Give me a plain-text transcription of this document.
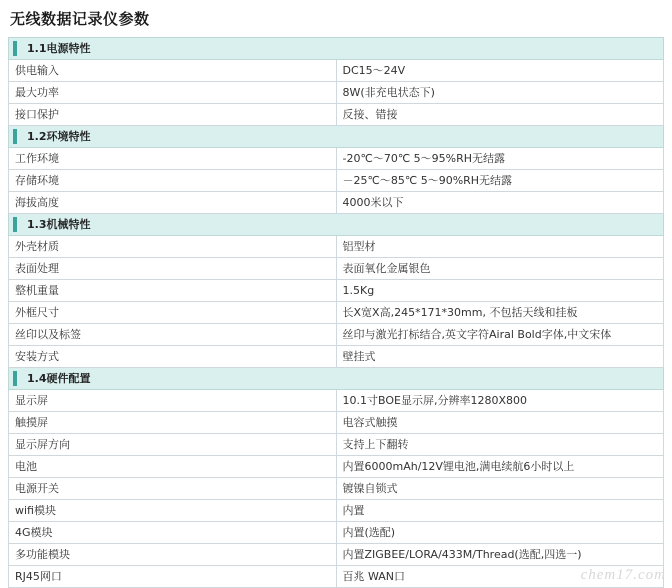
无线数据记录仪参数
1.1电源特性	
供电输入	DC15～24V
最大功率	8W(非充电状态下)
接口保护	反接、错接

1.2环境特性	
工作环境	-20℃～70℃ 5～95%RH无结露
存储环境	－25℃～85℃ 5～90%RH无结露
海拔高度	4000米以下

1.3机械特性	
外壳材质	铝型材
表面处理	表面氧化金属银色
整机重量	1.5Kg
外框尺寸	长X宽X高,245*171*30mm, 不包括天线和挂板
丝印以及标签	丝印与激光打标结合,英文字符Airal Bold字体,中文宋体
安装方式	壁挂式

1.4硬件配置	
显示屏	10.1寸BOE显示屏,分辨率1280X800
触摸屏	电容式触摸
显示屏方向	支持上下翻转
电池	内置6000mAh/12V锂电池,满电续航6小时以上
电源开关	镀镍自锁式
wifi模块	内置
4G模块	内置(选配)
多功能模块	内置ZIGBEE/LORA/433M/Thread(选配,四选一)
RJ45网口	百兆 WAN口	chem17.com
